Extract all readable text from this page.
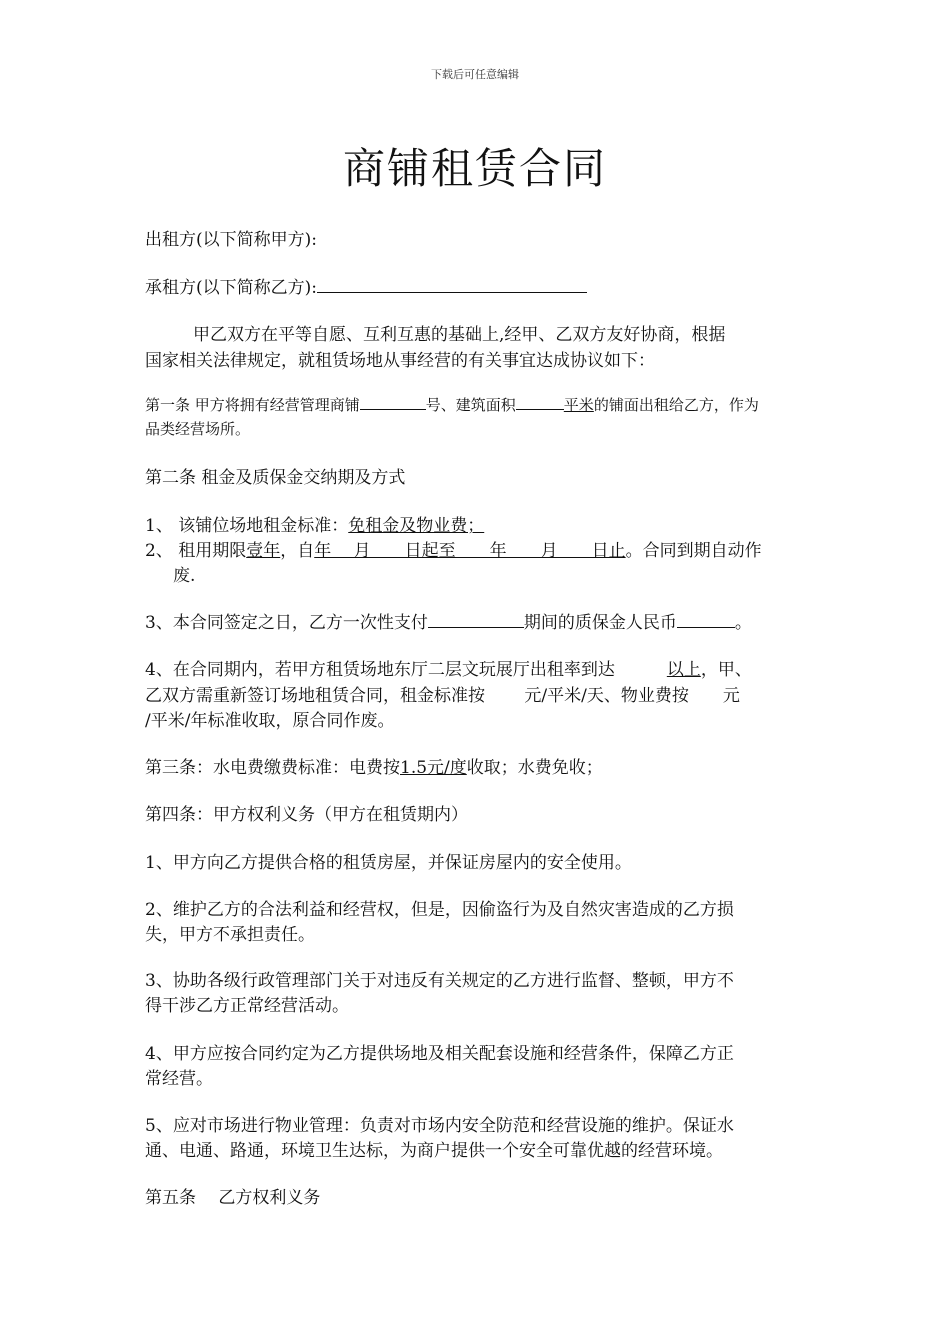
下载后可任意编辑
商铺租赁合同
出租方(以下简称甲方):
承租方(以下简称乙方):
甲乙双方在平等自愿、互利互惠的基础上,经甲、乙双方友好协商，根据
国家相关法律规定，就租赁场地从事经营的有关事宜达成协议如下：
第一条 甲方将拥有经营管理商铺	号、建筑面积	平米的铺面出租给乙方，作为
品类经营场所。
第二条 租金及质保金交纳期及方式
1、 该铺位场地租金标准：免租金及物业费；
2、 租用期限壹年，自年　 月　　日起至　　年　　月　　日止。合同到期自动作
废.
3、本合同签定之日，乙方一次性支付	期间的质保金人民币	。
4、在合同期内，若甲方租赁场地东厅二层文玩展厅出租率到达	以上，甲、
乙双方需重新签订场地租赁合同，租金标准按　　 元/平米/天、物业费按　　元
/平米/年标准收取，原合同作废。
第三条：水电费缴费标准：电费按1.5元/度收取；水费免收；
第四条：甲方权利义务（甲方在租赁期内）
1、甲方向乙方提供合格的租赁房屋，并保证房屋内的安全使用。
2、维护乙方的合法利益和经营权，但是，因偷盗行为及自然灾害造成的乙方损
失，甲方不承担责任。
3、协助各级行政管理部门关于对违反有关规定的乙方进行监督、整顿，甲方不
得干涉乙方正常经营活动。
4、甲方应按合同约定为乙方提供场地及相关配套设施和经营条件，保障乙方正
常经营。
5、应对市场进行物业管理：负责对市场内安全防范和经营设施的维护。保证水
通、电通、路通，环境卫生达标，为商户提供一个安全可靠优越的经营环境。
第五条　 乙方权利义务
